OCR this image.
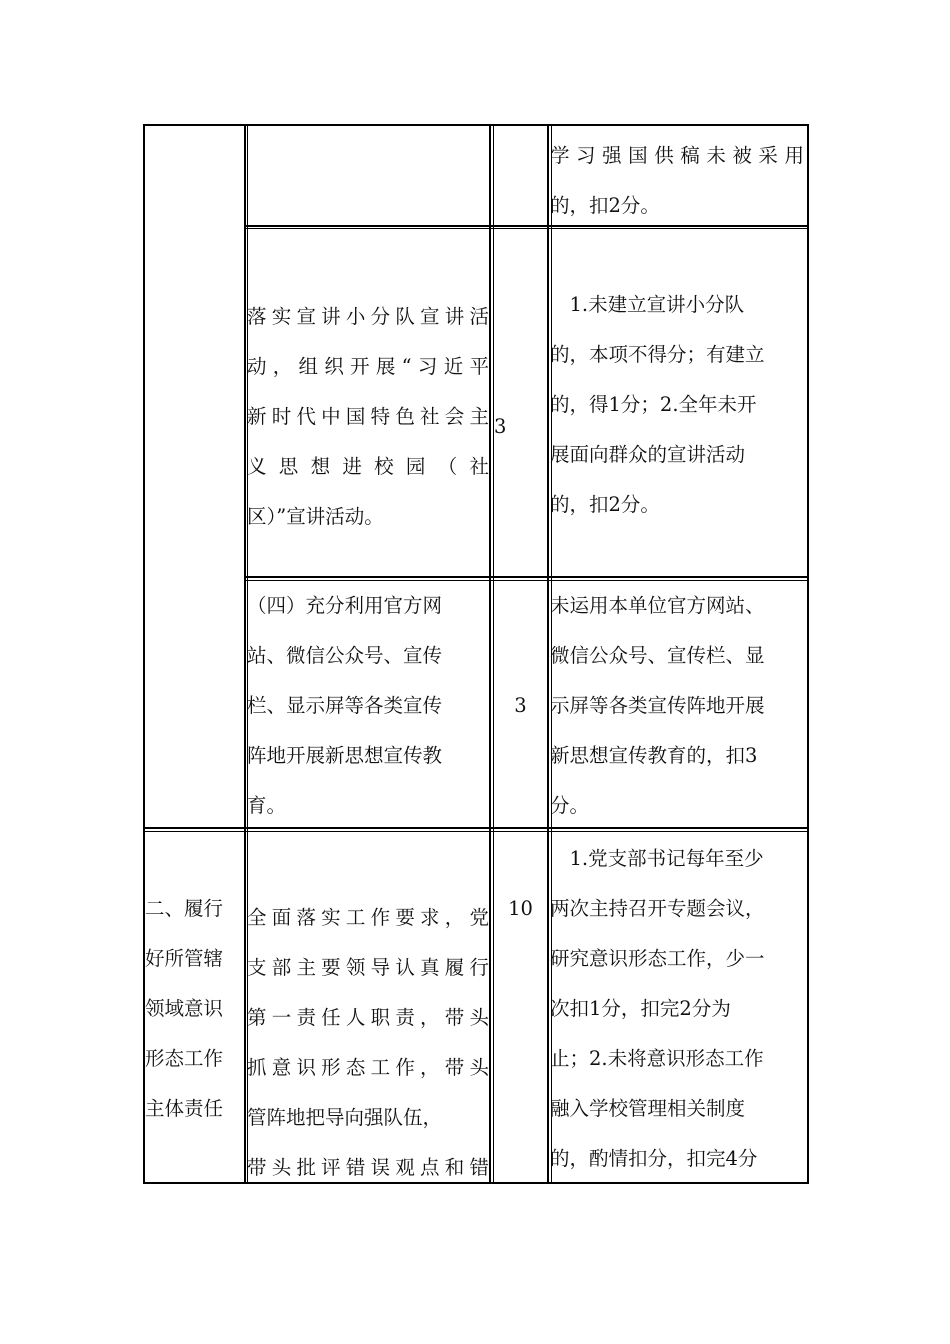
学习强国供稿未被采用

的，扣2分。

落实宣讲小分队宣讲活

动，组织开展“习近平

新时代中国特色社会主

义 思 想 进 校 园 （ 社

区）”宣讲活动。

3

1.未建立宣讲小分队

的，本项不得分；有建立

的，得1分；2.全年未开

展面向群众的宣讲活动

的，扣2分。

（四）充分利用官方网

站、微信公众号、宣传

栏、显示屏等各类宣传

阵地开展新思想宣传教

育。

3

未运用本单位官方网站、

微信公众号、宣传栏、显

示屏等各类宣传阵地开展

新思想宣传教育的，扣3

分。

二、履行

好所管辖

领域意识

形态工作

主体责任

全面落实工作要求，党

支部主要领导认真履行

第一责任人职责，带头

抓意识形态工作，带头

管阵地把导向强队伍，

带头批评错误观点和错

10

1.党支部书记每年至少

两次主持召开专题会议，

研究意识形态工作，少一

次扣1分，扣完2分为

止；2.未将意识形态工作

融入学校管理相关制度

的，酌情扣分，扣完4分
